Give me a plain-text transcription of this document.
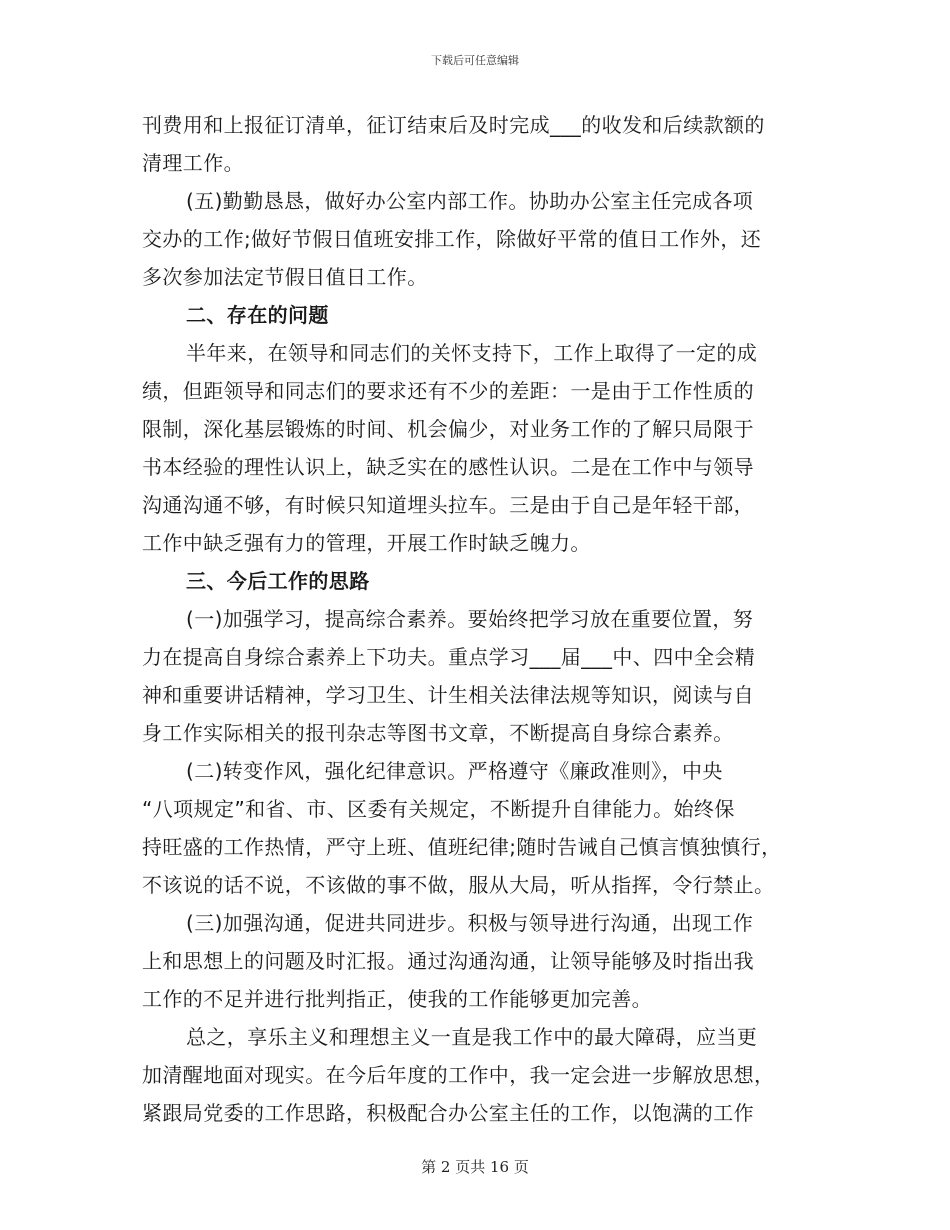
下载后可任意编辑
刊费用和上报征订清单，征订结束后及时完成___的收发和后续款额的
清理工作。
(五)勤勤恳恳，做好办公室内部工作。协助办公室主任完成各项
交办的工作;做好节假日值班安排工作，除做好平常的值日工作外，还
多次参加法定节假日值日工作。
二、存在的问题
半年来，在领导和同志们的关怀支持下，工作上取得了一定的成
绩，但距领导和同志们的要求还有不少的差距：一是由于工作性质的
限制，深化基层锻炼的时间、机会偏少，对业务工作的了解只局限于
书本经验的理性认识上，缺乏实在的感性认识。二是在工作中与领导
沟通沟通不够，有时候只知道埋头拉车。三是由于自己是年轻干部，
工作中缺乏强有力的管理，开展工作时缺乏魄力。
三、今后工作的思路
(一)加强学习，提高综合素养。要始终把学习放在重要位置，努
力在提高自身综合素养上下功夫。重点学习___届___中、四中全会精
神和重要讲话精神，学习卫生、计生相关法律法规等知识，阅读与自
身工作实际相关的报刊杂志等图书文章，不断提高自身综合素养。
(二)转变作风，强化纪律意识。严格遵守《廉政准则》，中央
“八项规定”和省、市、区委有关规定，不断提升自律能力。始终保
持旺盛的工作热情，严守上班、值班纪律;随时告诫自己慎言慎独慎行，
不该说的话不说，不该做的事不做，服从大局，听从指挥，令行禁止。
(三)加强沟通，促进共同进步。积极与领导进行沟通，出现工作
上和思想上的问题及时汇报。通过沟通沟通，让领导能够及时指出我
工作的不足并进行批判指正，使我的工作能够更加完善。
总之，享乐主义和理想主义一直是我工作中的最大障碍，应当更
加清醒地面对现实。在今后年度的工作中，我一定会进一步解放思想，
紧跟局党委的工作思路，积极配合办公室主任的工作，以饱满的工作
第 2 页共 16 页
